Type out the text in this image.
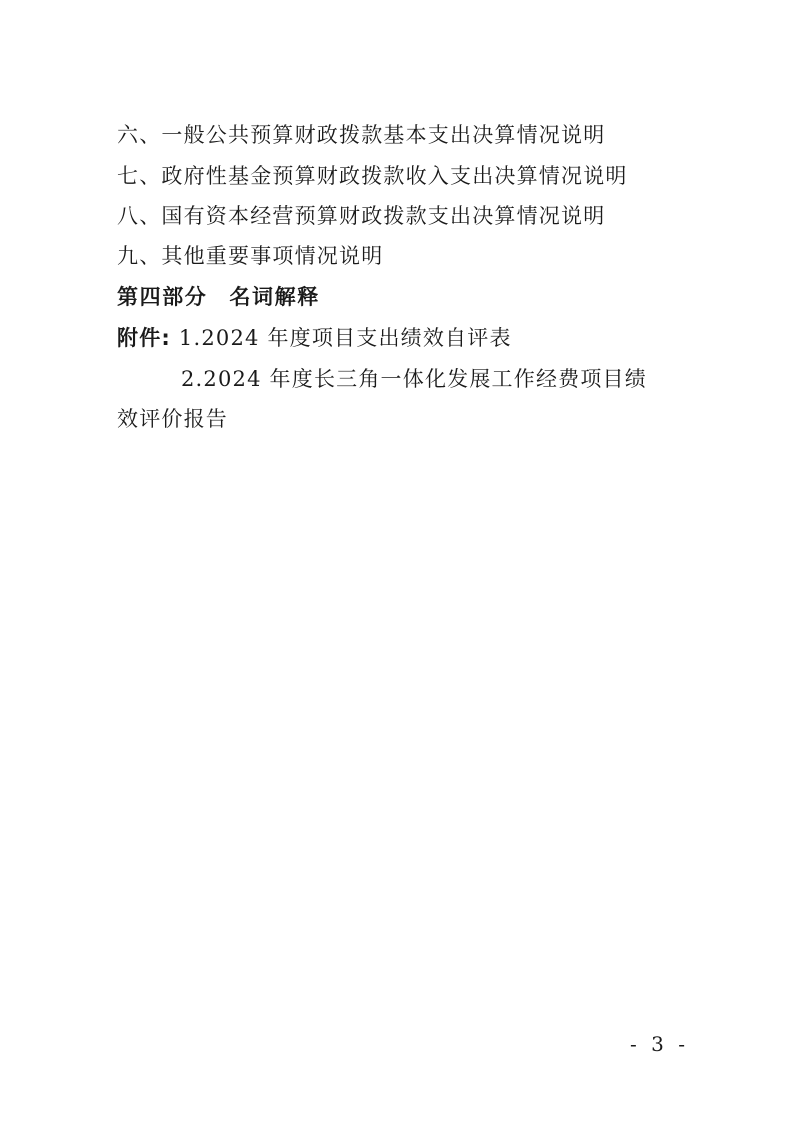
六、一般公共预算财政拨款基本支出决算情况说明
七、政府性基金预算财政拨款收入支出决算情况说明
八、国有资本经营预算财政拨款支出决算情况说明
九、其他重要事项情况说明
第四部分 名词解释
附件: 1.2024 年度项目支出绩效自评表
2.2024 年度长三角一体化发展工作经费项目绩
效评价报告
- 3 -
